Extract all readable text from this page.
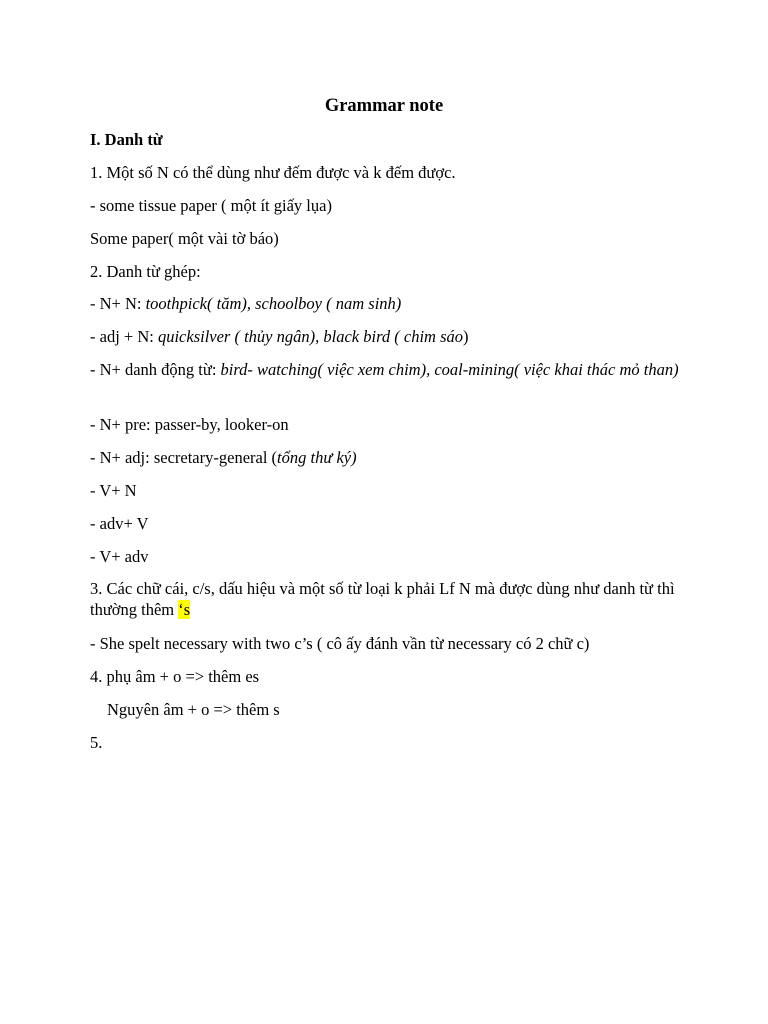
Grammar note
I. Danh từ
1. Một số N có thể dùng như đếm được và k đếm được.
- some tissue paper ( một ít giấy lụa)
Some paper( một vài tờ báo)
2. Danh từ ghép:
- N+ N: toothpick( tăm), schoolboy ( nam sinh)
- adj + N: quicksilver ( thủy ngân), black bird ( chim sáo)
- N+ danh động từ: bird- watching( việc xem chim), coal-mining( việc khai thác mỏ than)
- N+ pre: passer-by, looker-on
- N+ adj: secretary-general (tổng thư ký)
- V+ N
- adv+ V
- V+ adv
3. Các chữ cái, c/s, dấu hiệu và một số từ loại k phải Lf N mà được dùng như danh từ thì thường thêm ‘s
- She spelt necessary with two c’s ( cô ấy đánh vần từ necessary có 2 chữ c)
4. phụ âm + o => thêm es
Nguyên âm + o => thêm s
5.
